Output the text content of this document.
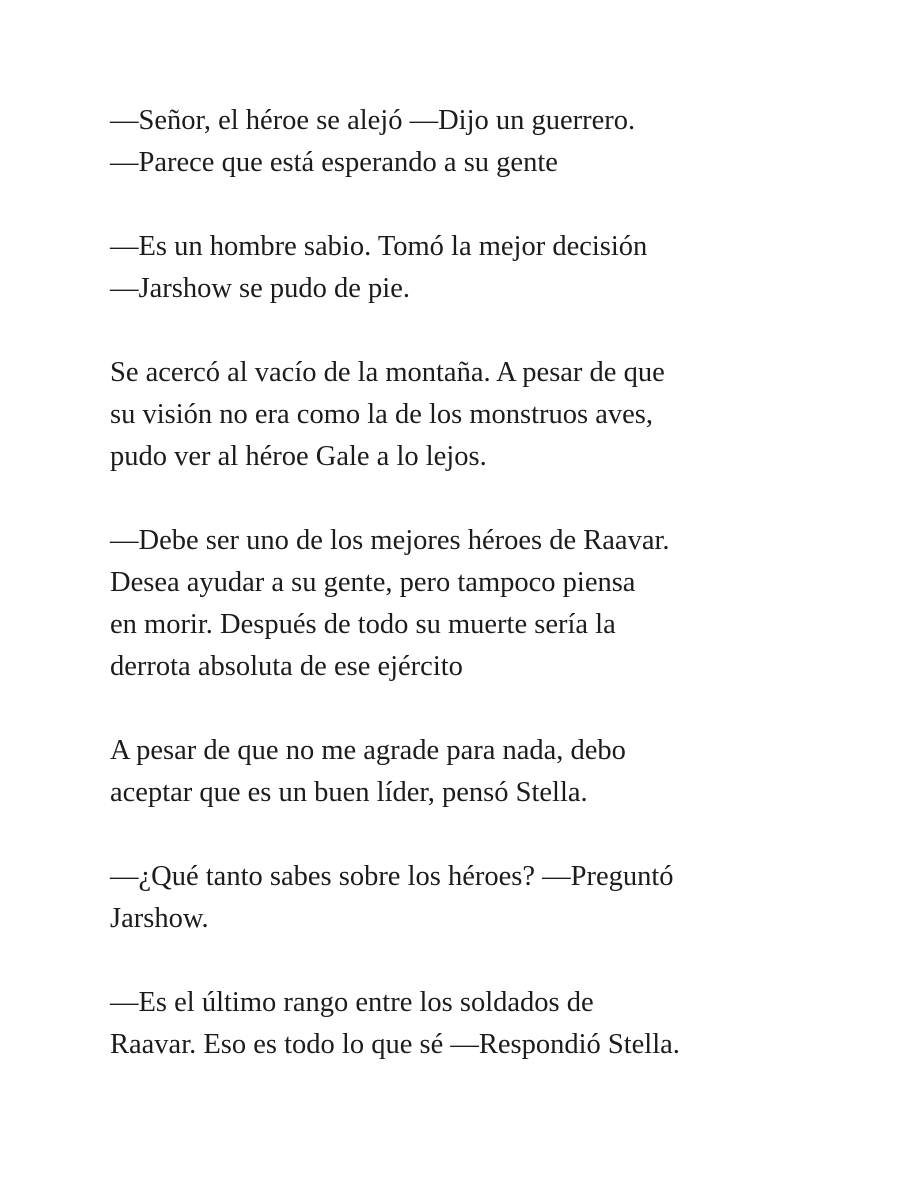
—Señor, el héroe se alejó —Dijo un guerrero.
—Parece que está esperando a su gente

—Es un hombre sabio. Tomó la mejor decisión
—Jarshow se pudo de pie.

Se acercó al vacío de la montaña. A pesar de que
su visión no era como la de los monstruos aves,
pudo ver al héroe Gale a lo lejos.

—Debe ser uno de los mejores héroes de Raavar.
Desea ayudar a su gente, pero tampoco piensa
en morir. Después de todo su muerte sería la
derrota absoluta de ese ejército

A pesar de que no me agrade para nada, debo
aceptar que es un buen líder, pensó Stella.

—¿Qué tanto sabes sobre los héroes? —Preguntó
Jarshow.

—Es el último rango entre los soldados de
Raavar. Eso es todo lo que sé —Respondió Stella.
